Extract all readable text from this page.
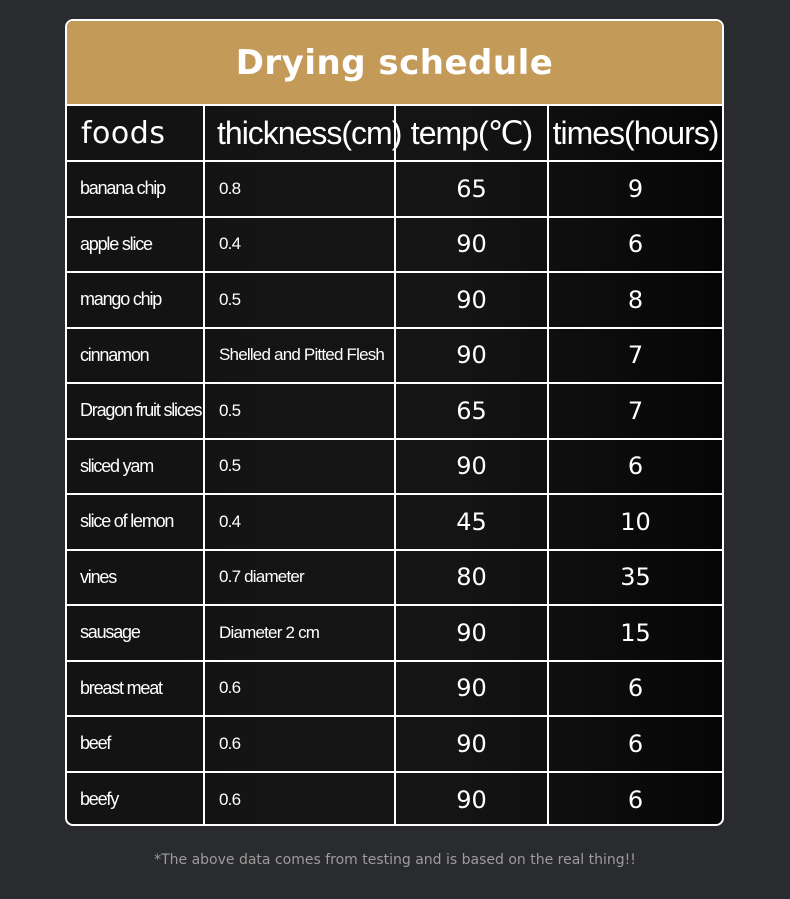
Drying schedule
foods	thickness(cm)	temp(℃)	times(hours)
banana chip	0.8	65	9
apple slice	0.4	90	6
mango chip	0.5	90	8
cinnamon	Shelled and Pitted Flesh	90	7
Dragon fruit slices	0.5	65	7
sliced yam	0.5	90	6
slice of lemon	0.4	45	10
vines	0.7 diameter	80	35
sausage	Diameter 2 cm	90	15
breast meat	0.6	90	6
beef	0.6	90	6
beefy	0.6	90	6
*The above data comes from testing and is based on the real thing!!
